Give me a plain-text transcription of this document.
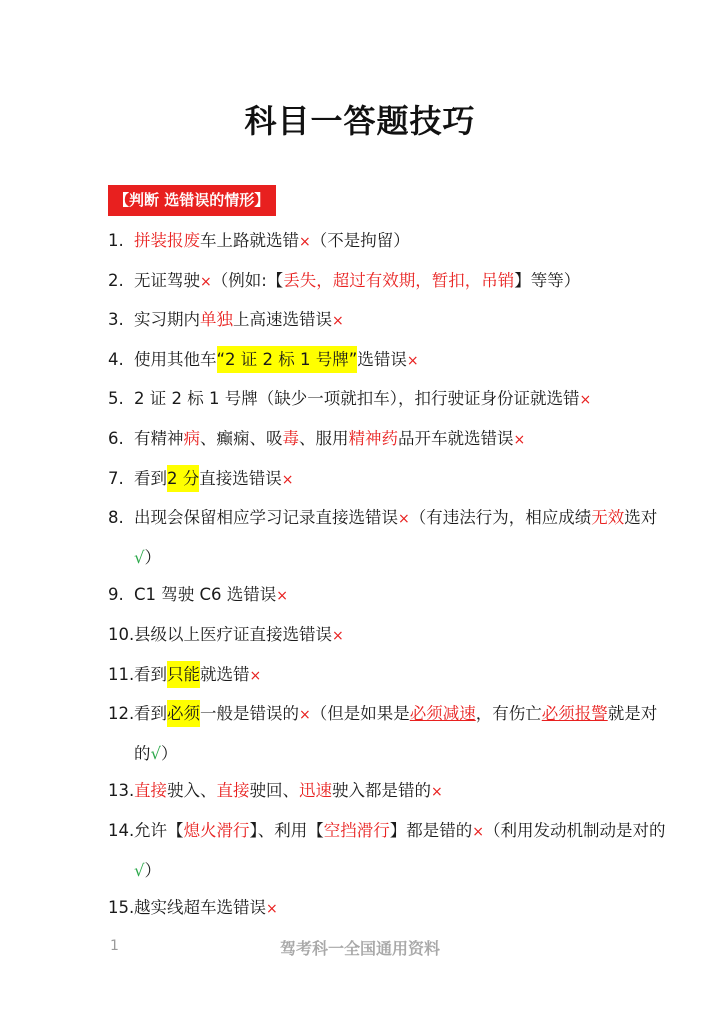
科目一答题技巧
【判断 选错误的情形】
1. 拼装报废车上路就选错×（不是拘留）
2. 无证驾驶×（例如:【丢失，超过有效期，暂扣，吊销】等等）
3. 实习期内单独上高速选错误×
4. 使用其他车“2 证 2 标 1 号牌”选错误×
5. 2 证 2 标 1 号牌（缺少一项就扣车），扣行驶证身份证就选错×
6. 有精神病、癫痫、吸毒、服用精神药品开车就选错误×
7. 看到2 分直接选错误×
8. 出现会保留相应学习记录直接选错误×（有违法行为，相应成绩无效选对√）
9. C1 驾驶 C6 选错误×
10. 县级以上医疗证直接选错误×
11. 看到只能就选错×
12. 看到必须一般是错误的×（但是如果是必须减速，有伤亡必须报警就是对的√）
13. 直接驶入、直接驶回、迅速驶入都是错的×
14. 允许【熄火滑行】、利用【空挡滑行】都是错的×（利用发动机制动是对的√）
15. 越实线超车选错误×
1	驾考科一全国通用资料
